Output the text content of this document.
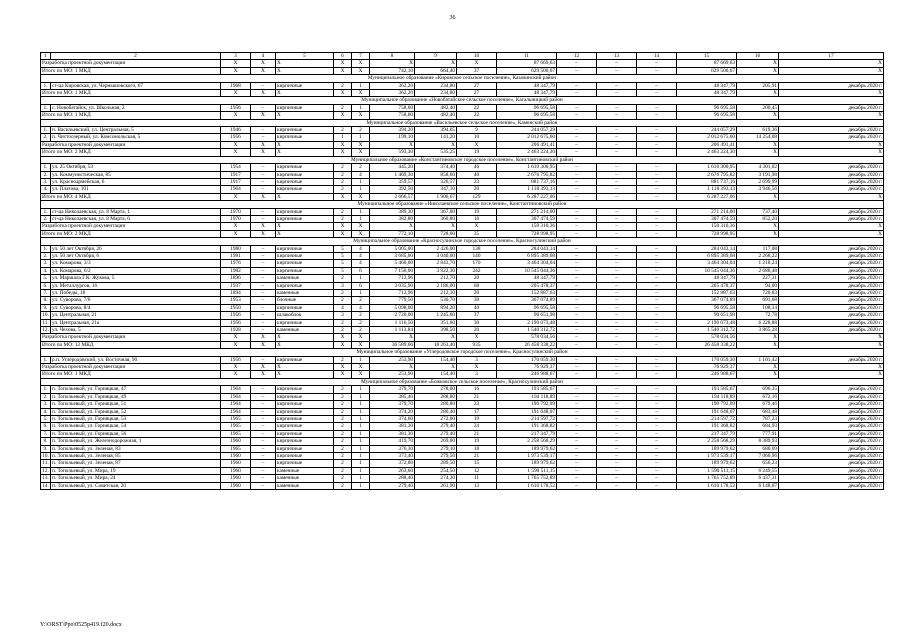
36
1	2	3	4	5	6	7	8	9	10	11	12	13	14	15	16	17
Разработка проектной документации		X	X	X	X	X	X	X	X	87 669,63	–	–	–	87 669,63	X	X
Итого по МО: 1 МКД		X	X	X	X	X	742,10	664,40	37	629 500,67	–	–	–	629 500,67	X	X
Муниципальное образование «Кировское сельское поселение», Казачинский район																
1.	ст-ца Кировская, ул. Чернышовского, 67	1968	–	кирпичные	2	1	362,20	234,80	27	48 347,79	–	–	–	48 347,79	205,91	декабрь 2020 г.
Итого по МО: 1 МКД		X	X	X	X	X	362,20	234,80	27	48 347,79	–	–	–	48 347,79	X	X
Муниципальное образование «Новобатайское сельское поселение», Кагальницкий район																
1.	с. Новобатайск, ул. Школьная, 2	1956	–	кирпичные	2	1	758,60	482,40	22	96 695,58	–	–	–	96 695,58	200,45	декабрь 2020 г.
Итого по МО: 1 МКД		X	X	X	X	X	758,60	482,40	22	96 695,58	–	–	–	96 695,58	X	X
Муниципальное образование «Васильевское сельское поселение», Каменский район																
1.	п. Васильевский, ул. Центральная, 5	1946	–	кирпичные	2	2	394,20	394,05	9	244 057,29	–	–	–	244 057,29	619,36	декабрь 2020 г.
2.	п. Чистоозерный, ул. Комсомольская, 5	1956	–	кирпичные	1	1	199,10	141,20	10	2 012 675,60	–	–	–	2 012 675,60	14 254,08	декабрь 2020 г.
Разработка проектной документации		X	X	X	X	X	X	X	X	206 491,41	–	–	–	206 491,41	X	X
Итого по МО: 2 МКД		X	X	X	X	X	593,30	535,25	19	2 463 224,30	–	–	–	2 463 224,30	X	X
Муниципальное образование «Константиновское городское поселение», Константиновский район																
1.	ул. 25 Октября, 53	1954	–	кирпичные	2	2	445,20	374,40	46	1 610 300,95	–	–	–	1 610 300,95	4 301,02	декабрь 2020 г.
2.	ул. Коммунистическая, 85	1917	–	кирпичные	2	4	1 469,30	858,60	40	2 676 795,82	–	–	–	2 676 795,82	3 191,98	декабрь 2020 г.
3.	ул. Красноармейская, 6	1917	–	кирпичные	2	1	359,57	326,57	23	881 737,16	–	–	–	881 737,16	2 699,99	декабрь 2020 г.
4.	ул. Платова, 101	1964	–	кирпичные	2	1	392,50	347,10	20	1 118 393,13	–	–	–	1 118 393,13	3 946,56	декабрь 2020 г.
Итого по МО: 4 МКД		X	X	X	X	X	2 666,57	1 906,67	129	6 287 227,06	–	–	–	6 287 227,06	X	X
Муниципальное образование «Николаевское сельское поселение», Константиновский район																
1.	ст-ца Николаевская, ул. 8 Марта, 1	1970	–	кирпичные	2	1	389,30	367,80	19	271 214,00	–	–	–	271 214,00	737,40	декабрь 2020 г.
2.	ст-ца Николаевская, ул. 8 Марта, 6	1970	–	кирпичные	2	1	382,80	360,80	16	307 474,59	–	–	–	307 474,59	852,20	декабрь 2020 г.
Разработка проектной документации		X	X	X	X	X	X	X	X	150 310,36	–	–	–	150 310,36	X	X
Итого по МО: 2 МКД		X	X	X	X	X	772,10	728,60	35	728 998,95	–	–	–	728 998,95	X	X
Муниципальное образование «Красносулинское городское поселение», Красносулинский район																
1.	ул. 50 лет Октября, 26	1980	–	кирпичные	5	4	5 005,00	2 426,00	138	284 043,14	–	–	–	284 043,14	117,08	декабрь 2020 г.
2.	ул. 50 лет Октября, 6	1981	–	кирпичные	5	4	3 685,00	3 040,00	140	6 895 389,68	–	–	–	6 895 389,68	2 268,22	декабрь 2020 г.
3.	ул. Комарова, 3/3	1976	–	кирпичные	5	4	5 460,00	2 843,70	170	3 464 304,04	–	–	–	3 464 304,04	1 218,24	декабрь 2020 г.
4.	ул. Комарова, 6/2	1982	–	кирпичные	5	6	7 150,00	3 922,30	242	10 545 044,36	–	–	–	10 545 044,36	2 688,48	декабрь 2020 г.
5.	ул. Маршала Г.К. Жукова, 5	1896	–	каменные	2	1	712,96	212,70	20	48 347,79	–	–	–	48 347,79	227,31	декабрь 2020 г.
6.	ул. Металлургов, 16	1937	–	кирпичные	3	6	3 035,90	2 186,00	68	205 478,37	–	–	–	205 478,37	94,00	декабрь 2020 г.
7.	ул. Победы, 18	1894	–	каменные	2	1	712,96	212,10	20	152 887,63	–	–	–	152 887,63	720,83	декабрь 2020 г.
8.	ул. Суворова, 7/6	1953	–	блочные	2	2	779,50	530,70	30	367 074,89	–	–	–	367 074,89	691,68	декабрь 2020 г.
9.	ул. Суворова, 8/4	1950	–	кирпичные	4	4	5 098,00	894,20	40	96 695,58	–	–	–	96 695,58	108,14	декабрь 2020 г.
10.	ул. Центральная, 21	1956	–	шлакоблок	3	2	2 720,00	1 245,60	37	90 651,98	–	–	–	90 651,98	72,78	декабрь 2020 г.
11.	ул. Центральная, 21а	1956	–	кирпичные	2	2	1 116,50	351,60	30	2 190 073,48	–	–	–	2 190 073,48	6 228,88	декабрь 2020 г.
12.	ул. Чехова, 5	1928	–	каменные	2	2	1 113,84	398,50	20	1 540 312,72	–	–	–	1 540 312,72	3 865,28	декабрь 2020 г.
Разработка проектной документации		X	X	X	X	X	X	X	X	578 034,56	–	–	–	578 034,56	X	X
Итого по МО: 12 МКД		X	X	X	X	X	36 589,66	18 263,40	935	26 458 338,22	–	–	–	26 458 338,22	X	X
Муниципальное образование «Углеродовское городское поселение», Красносулинский район																
1.	р.п. Углеродовский, ул. Восточная, 90	1956	–	кирпичные	2	1	253,90	154,40	3	170 059,30	–	–	–	170 059,30	1 101,42	декабрь 2020 г.
Разработка проектной документации		X	X	X	X	X	X	X	X	76 929,37	–	–	–	76 929,37	X	X
Итого по МО: 1 МКД		X	X	X	X	X	253,90	154,40	3	246 988,67	–	–	–	246 988,67	X	X
Муниципальное образование «Божковское сельское поселение», Красносулинский район																
1.	п. Топольевый, ул. Горняцкая, 47	1964	–	кирпичные	2	1	379,70	278,00	16	193 585,67	–	–	–	193 585,67	696,35	декабрь 2020 г.
2.	п. Топольевый, ул. Горняцкая, 49	1964	–	кирпичные	2	1	385,40	288,80	21	194 118,89	–	–	–	194 118,89	672,16	декабрь 2020 г.
3.	п. Топольевый, ул. Горняцкая, 51	1964	–	кирпичные	2	1	379,70	280,80	23	190 792,09	–	–	–	190 792,09	679,46	декабрь 2020 г.
4.	п. Топольевый, ул. Горняцкая, 52	1964	–	кирпичные	2	1	374,20	280,40	17	191 648,07	–	–	–	191 648,07	683,48	декабрь 2020 г.
5.	п. Топольевый, ул. Горняцкая, 53	1965	–	кирпичные	2	1	374,60	272,00	19	214 597,72	–	–	–	214 597,72	787,23	декабрь 2020 г.
6.	п. Топольевый, ул. Горняцкая, 54	1965	–	кирпичные	2	1	381,30	279,40	24	191 368,82	–	–	–	191 368,82	684,93	декабрь 2020 г.
7.	п. Топольевый, ул. Горняцкая, 56	1965	–	кирпичные	2	1	381,30	279,40	21	217 347,79	–	–	–	217 347,79	777,91	декабрь 2020 г.
8.	п. Топольевый, ул. Железнодорожная, 1	1960	–	кирпичные	2	1	419,70	269,00	19	2 258 568,29	–	–	–	2 258 568,29	8 389,93	декабрь 2020 г.
9.	п. Топольевый, ул. Зеленая, 83	1965	–	кирпичные	2	1	376,30	279,10	18	189 979,62	–	–	–	189 979,62	680,69	декабрь 2020 г.
10.	п. Топольевый, ул. Зеленая, 85	1960	–	кирпичные	2	1	373,40	279,50	21	1 973 539,17	–	–	–	1 973 539,17	7 060,96	декабрь 2020 г.
11.	п. Топольевый, ул. Зеленая, 87	1960	–	кирпичные	2	1	372,80	289,50	15	189 979,62	–	–	–	189 979,62	656,23	декабрь 2020 г.
12.	п. Топольевый, ул. Мира, 19	1960	–	каменные	2	1	263,60	254,50	12	1 590 511,15	–	–	–	1 590 511,15	6 249,55	декабрь 2020 г.
13.	п. Топольевый, ул. Мира, 24	1960	–	каменные	2	1	288,40	274,30	11	1 765 752,89	–	–	–	1 765 752,89	6 437,31	декабрь 2020 г.
14.	п. Топольевый, ул. Советская, 20	1960	–	каменные	2	1	279,40	261,90	13	1 610 178,52	–	–	–	1 610 178,52	6 148,07	декабрь 2020 г.
Y:\ORST\Ppo\0525p419.f20.docx
